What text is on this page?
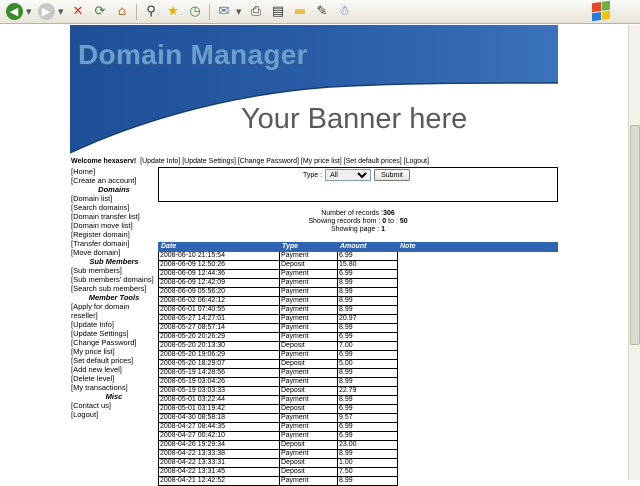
◀	▼ ▶	▼ ✕ ⟳ ⌂ ⚲ ★ ◷ ✉ ▼ ⎙ ▤ ▬ ✎ ☃
Domain Manager
Your Banner here
Welcome hexaserv! [Update Info] [Update Settings] [Change Password] [My price list] [Set default prices] [Logout]
[Home]
[Create an account]
Domains
[Domain list]
[Search domains]
[Domain transfer list]
[Domain move list]
[Register domain]
[Transfer domain]
[Move domain]
Sub Members
[Sub members]
[Sub members' domains]
[Search sub members]
Member Tools
[Apply for domain reseller]
[Update Info]
[Update Settings]
[Change Password]
[My price list]
[Set default prices]
[Add new level]
[Delete level]
[My transactions]
Misc
[Contact us]
[Logout]
Type :
All	Submit
Number of records :306
Showing records from : 0 to : 50
Showing page : 1
Date	Type	Amount	Note
2008-06-10 21:15:54	Payment	6.99	
2008-06-09 12:50:26	Deposit	15.80	
2008-06-09 12:44:36	Payment	6.99	
2008-06-09 12:42:09	Payment	8.99	
2008-06-09 05:56:20	Payment	8.99	
2008-06-02 06:42:12	Payment	8.99	
2008-06-01 07:40:55	Payment	8.99	
2008-05-27 14:27:01	Payment	20.97	
2008-05-27 08:57:14	Payment	8.99	
2008-05-20 20:26:29	Payment	6.99	
2008-05-20 20:13:30	Deposit	7.00	
2008-05-20 19:06:29	Payment	6.99	
2008-05-20 18:29:07	Deposit	5.00	
2008-05-19 14:28:56	Payment	8.99	
2008-05-19 03:04:26	Payment	8.99	
2008-05-19 03:03:33	Deposit	22.79	
2008-05-01 03:22:44	Payment	8.99	
2008-05-01 03:19:42	Deposit	6.99	
2008-04-30 08:58:18	Payment	9.57	
2008-04-27 08:44:35	Payment	6.99	
2008-04-27 00:42:10	Payment	6.99	
2008-04-26 19:29:34	Deposit	23.00	
2008-04-22 13:33:38	Payment	8.99	
2008-04-22 13:33:31	Deposit	1.00	
2008-04-22 13:31:45	Deposit	7.50	
2008-04-21 12:42:52	Payment	8.99	
